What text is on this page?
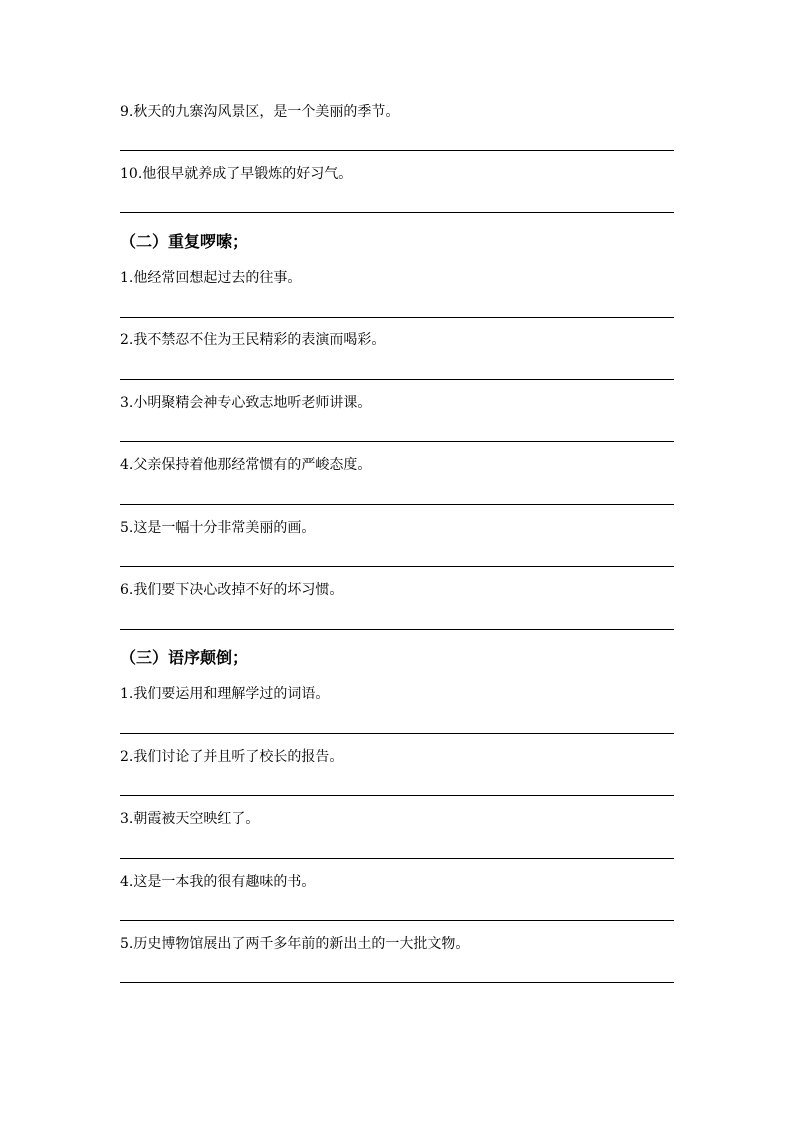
9.秋天的九寨沟风景区，是一个美丽的季节。
10.他很早就养成了早锻炼的好习气。
（二）重复啰嗦；
1.他经常回想起过去的往事。
2.我不禁忍不住为王民精彩的表演而喝彩。
3.小明聚精会神专心致志地听老师讲课。
4.父亲保持着他那经常惯有的严峻态度。
5.这是一幅十分非常美丽的画。
6.我们要下决心改掉不好的坏习惯。
（三）语序颠倒；
1.我们要运用和理解学过的词语。
2.我们讨论了并且听了校长的报告。
3.朝霞被天空映红了。
4.这是一本我的很有趣味的书。
5.历史博物馆展出了两千多年前的新出土的一大批文物。
